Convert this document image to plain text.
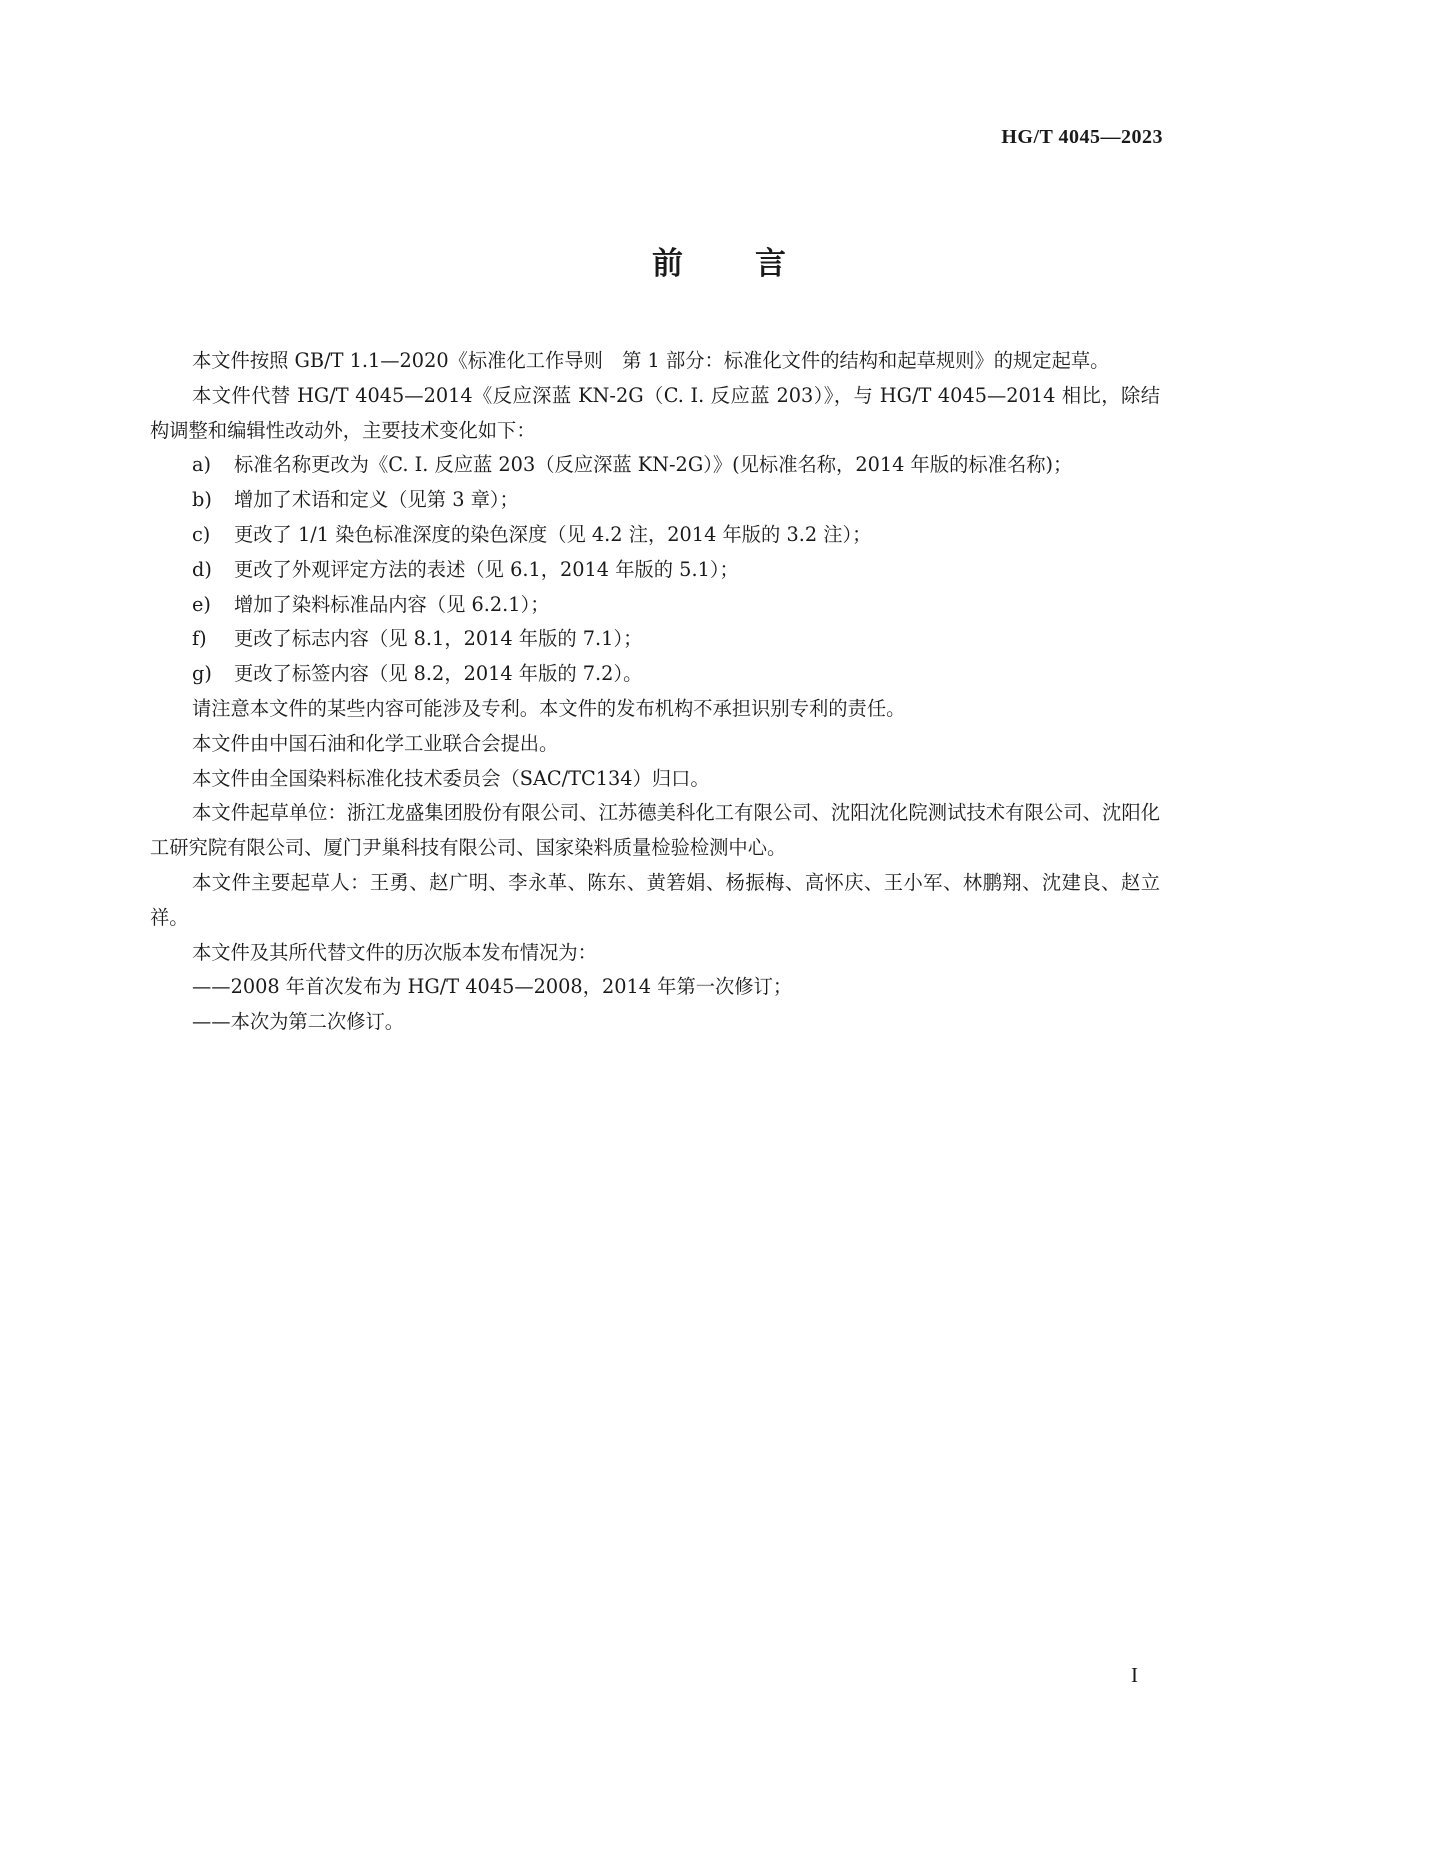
HG/T 4045—2023
前 言

本文件按照 GB/T 1.1—2020《标准化工作导则　第 1 部分：标准化文件的结构和起草规则》的规定起草。

本文件代替 HG/T 4045—2014《反应深蓝 KN-2G（C. I. 反应蓝 203）》，与 HG/T 4045—2014 相比，除结构调整和编辑性改动外，主要技术变化如下：

a) 标准名称更改为《C. I. 反应蓝 203（反应深蓝 KN-2G）》(见标准名称，2014 年版的标准名称)；

b) 增加了术语和定义（见第 3 章）；

c) 更改了 1/1 染色标准深度的染色深度（见 4.2 注，2014 年版的 3.2 注）；

d) 更改了外观评定方法的表述（见 6.1，2014 年版的 5.1）；

e) 增加了染料标准品内容（见 6.2.1）；

f) 更改了标志内容（见 8.1，2014 年版的 7.1）；

g) 更改了标签内容（见 8.2，2014 年版的 7.2）。

请注意本文件的某些内容可能涉及专利。本文件的发布机构不承担识别专利的责任。

本文件由中国石油和化学工业联合会提出。

本文件由全国染料标准化技术委员会（SAC/TC134）归口。

本文件起草单位：浙江龙盛集团股份有限公司、江苏德美科化工有限公司、沈阳沈化院测试技术有限公司、沈阳化工研究院有限公司、厦门尹巢科技有限公司、国家染料质量检验检测中心。

本文件主要起草人：王勇、赵广明、李永革、陈东、黄箬娟、杨振梅、高怀庆、王小军、林鹏翔、沈建良、赵立祥。

本文件及其所代替文件的历次版本发布情况为：

——2008 年首次发布为 HG/T 4045—2008，2014 年第一次修订；

——本次为第二次修订。

I
